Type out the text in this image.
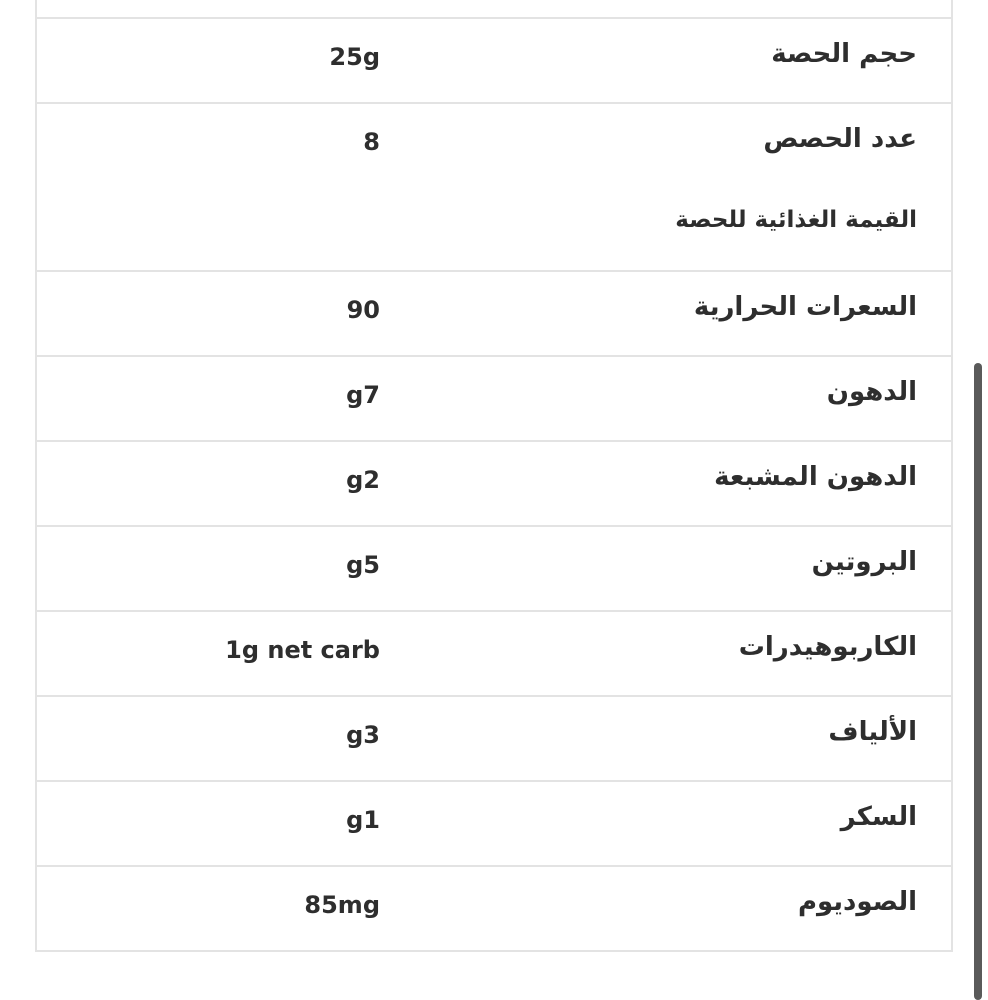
حجم الحصة
25g
عدد الحصص
8
القيمة الغذائية للحصة
السعرات الحرارية
90
الدهون
g7
الدهون المشبعة
g2
البروتين
g5
الكاربوهيدرات
1g net carb
الألياف
g3
السكر
g1
الصوديوم
85mg
